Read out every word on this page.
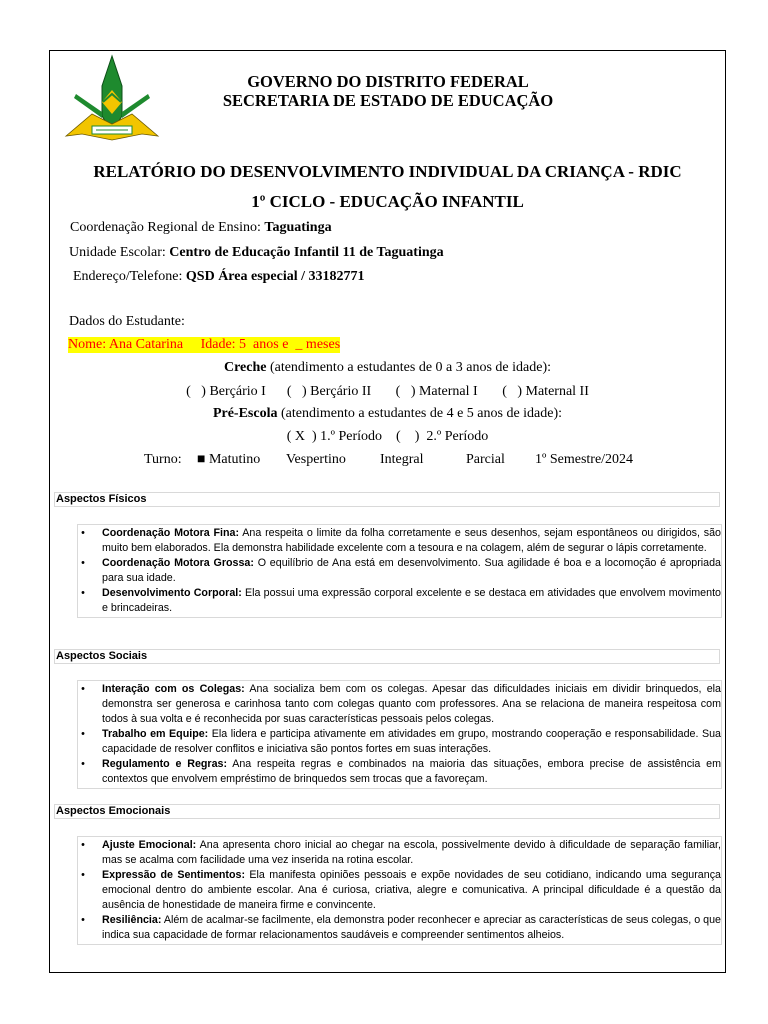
GOVERNO DO DISTRITO FEDERAL
SECRETARIA DE ESTADO DE EDUCAÇÃO
RELATÓRIO DO DESENVOLVIMENTO INDIVIDUAL DA CRIANÇA - RDIC
1º CICLO - EDUCAÇÃO INFANTIL
Coordenação Regional de Ensino: Taguatinga
Unidade Escolar: Centro de Educação Infantil 11 de Taguatinga
Endereço/Telefone: QSD Área especial / 33182771
Dados do Estudante:
Nome: Ana Catarina     Idade: 5  anos e  _ meses
Creche (atendimento a estudantes de 0 a 3 anos de idade):
(   ) Berçário I (   ) Berçário II (   ) Maternal I (   ) Maternal II
Pré-Escola (atendimento a estudantes de 4 e 5 anos de idade):
( X  ) 1.º Período (    )  2.º Período
Turno: ■ Matutino Vespertino Integral	Parcial 1º Semestre/2024
Aspectos Físicos
• Coordenação Motora Fina: Ana respeita o limite da folha corretamente e seus desenhos, sejam espontâneos ou dirigidos, são muito bem elaborados. Ela demonstra habilidade excelente com a tesoura e na colagem, além de segurar o lápis corretamente.
• Coordenação Motora Grossa: O equilíbrio de Ana está em desenvolvimento. Sua agilidade é boa e a locomoção é apropriada para sua idade.
• Desenvolvimento Corporal: Ela possui uma expressão corporal excelente e se destaca em atividades que envolvem movimento e brincadeiras.
Aspectos Sociais
• Interação com os Colegas: Ana socializa bem com os colegas. Apesar das dificuldades iniciais em dividir brinquedos, ela demonstra ser generosa e carinhosa tanto com colegas quanto com professores. Ana se relaciona de maneira respeitosa com todos à sua volta e é reconhecida por suas características pessoais pelos colegas.
• Trabalho em Equipe: Ela lidera e participa ativamente em atividades em grupo, mostrando cooperação e responsabilidade. Sua capacidade de resolver conflitos e iniciativa são pontos fortes em suas interações.
• Regulamento e Regras: Ana respeita regras e combinados na maioria das situações, embora precise de assistência em contextos que envolvem empréstimo de brinquedos sem trocas que a favoreçam.
Aspectos Emocionais
• Ajuste Emocional: Ana apresenta choro inicial ao chegar na escola, possivelmente devido à dificuldade de separação familiar, mas se acalma com facilidade uma vez inserida na rotina escolar.
• Expressão de Sentimentos: Ela manifesta opiniões pessoais e expõe novidades de seu cotidiano, indicando uma segurança emocional dentro do ambiente escolar. Ana é curiosa, criativa, alegre e comunicativa. A principal dificuldade é a questão da ausência de honestidade de maneira firme e convincente.
• Resiliência: Além de acalmar-se facilmente, ela demonstra poder reconhecer e apreciar as características de seus colegas, o que indica sua capacidade de formar relacionamentos saudáveis e compreender sentimentos alheios.
